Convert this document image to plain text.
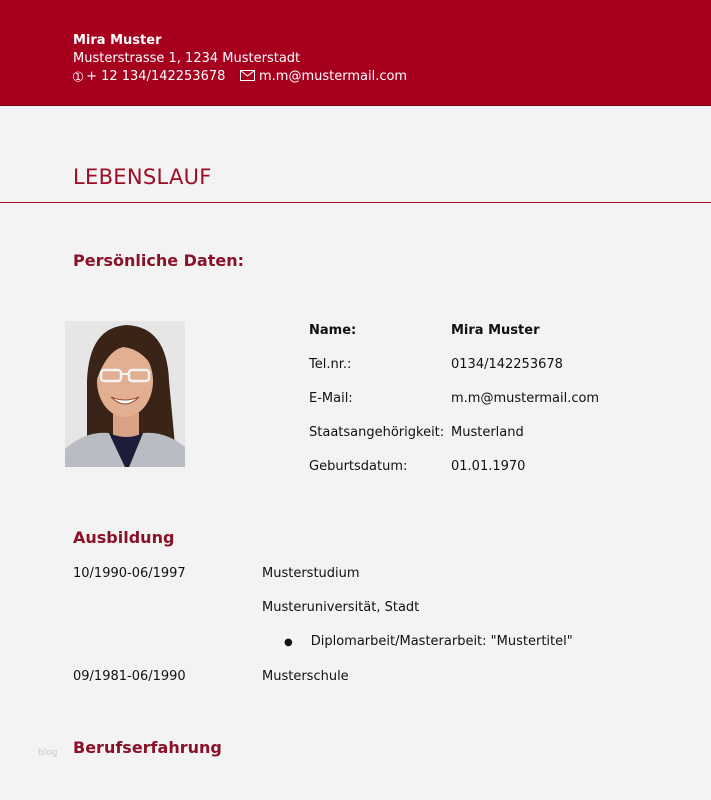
Mira Muster
Musterstrasse 1, 1234 Musterstadt
➀ + 12 134/142253678	m.m@mustermail.com
LEBENSLAUF
Persönliche Daten:
Name:	Mira Muster
Tel.nr.:	0134/142253678
E-Mail:	m.m@mustermail.com
Staatsangehörigkeit: Musterland
Geburtsdatum:	01.01.1970
Ausbildung
10/1990-06/1997	Musterstudium
Musteruniversität, Stadt
● Diplomarbeit/Masterarbeit: "Mustertitel"
09/1981-06/1990	Musterschule
blog Berufserfahrung
